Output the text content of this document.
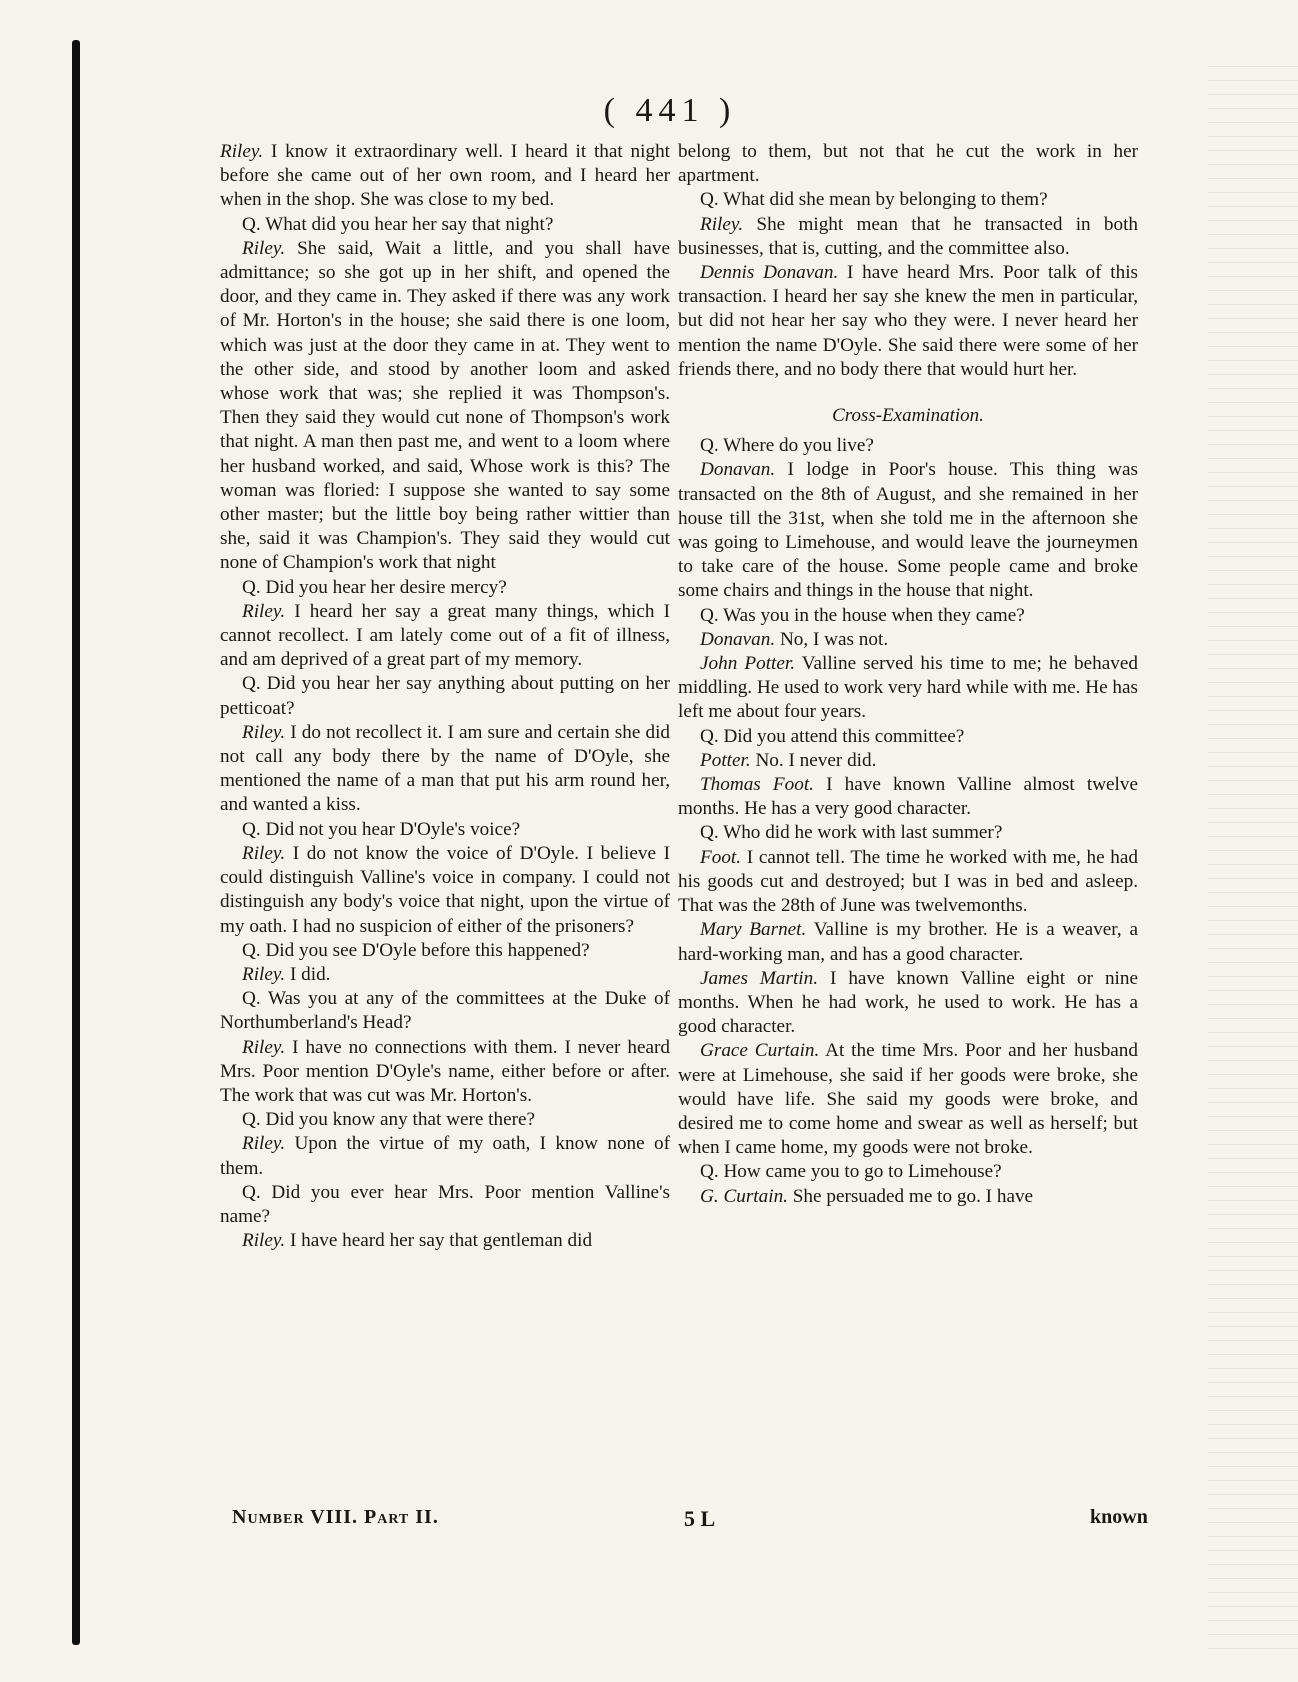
( 441 )

Riley. I know it extraordinary well. I heard it that night before she came out of her own room, and I heard her when in the shop. She was close to my bed.

Q. What did you hear her say that night?

Riley. She said, Wait a little, and you shall have admittance; so she got up in her shift, and opened the door, and they came in. They asked if there was any work of Mr. Horton's in the house; she said there is one loom, which was just at the door they came in at. They went to the other side, and stood by another loom and asked whose work that was; she replied it was Thompson's. Then they said they would cut none of Thompson's work that night. A man then past me, and went to a loom where her husband worked, and said, Whose work is this? The woman was floried: I suppose she wanted to say some other master; but the little boy being rather wittier than she, said it was Champion's. They said they would cut none of Champion's work that night

Q. Did you hear her desire mercy?

Riley. I heard her say a great many things, which I cannot recollect. I am lately come out of a fit of illness, and am deprived of a great part of my memory.

Q. Did you hear her say anything about putting on her petticoat?

Riley. I do not recollect it. I am sure and certain she did not call any body there by the name of D'Oyle, she mentioned the name of a man that put his arm round her, and wanted a kiss.

Q. Did not you hear D'Oyle's voice?

Riley. I do not know the voice of D'Oyle. I believe I could distinguish Valline's voice in company. I could not distinguish any body's voice that night, upon the virtue of my oath. I had no suspicion of either of the prisoners?

Q. Did you see D'Oyle before this happened?

Riley. I did.

Q. Was you at any of the committees at the Duke of Northumberland's Head?

Riley. I have no connections with them. I never heard Mrs. Poor mention D'Oyle's name, either before or after. The work that was cut was Mr. Horton's.

Q. Did you know any that were there?

Riley. Upon the virtue of my oath, I know none of them.

Q. Did you ever hear Mrs. Poor mention Valline's name?

Riley. I have heard her say that gentleman did

belong to them, but not that he cut the work in her apartment.

Q. What did she mean by belonging to them?

Riley. She might mean that he transacted in both businesses, that is, cutting, and the committee also.

Dennis Donavan. I have heard Mrs. Poor talk of this transaction. I heard her say she knew the men in particular, but did not hear her say who they were. I never heard her mention the name D'Oyle. She said there were some of her friends there, and no body there that would hurt her.

Cross-Examination.

Q. Where do you live?

Donavan. I lodge in Poor's house. This thing was transacted on the 8th of August, and she remained in her house till the 31st, when she told me in the afternoon she was going to Limehouse, and would leave the journeymen to take care of the house. Some people came and broke some chairs and things in the house that night.

Q. Was you in the house when they came?

Donavan. No, I was not.

John Potter. Valline served his time to me; he behaved middling. He used to work very hard while with me. He has left me about four years.

Q. Did you attend this committee?

Potter. No. I never did.

Thomas Foot. I have known Valline almost twelve months. He has a very good character.

Q. Who did he work with last summer?

Foot. I cannot tell. The time he worked with me, he had his goods cut and destroyed; but I was in bed and asleep. That was the 28th of June was twelvemonths.

Mary Barnet. Valline is my brother. He is a weaver, a hard-working man, and has a good character.

James Martin. I have known Valline eight or nine months. When he had work, he used to work. He has a good character.

Grace Curtain. At the time Mrs. Poor and her husband were at Limehouse, she said if her goods were broke, she would have life. She said my goods were broke, and desired me to come home and swear as well as herself; but when I came home, my goods were not broke.

Q. How came you to go to Limehouse?

G. Curtain. She persuaded me to go. I have

Number VIII. Part II.	5 L	known
